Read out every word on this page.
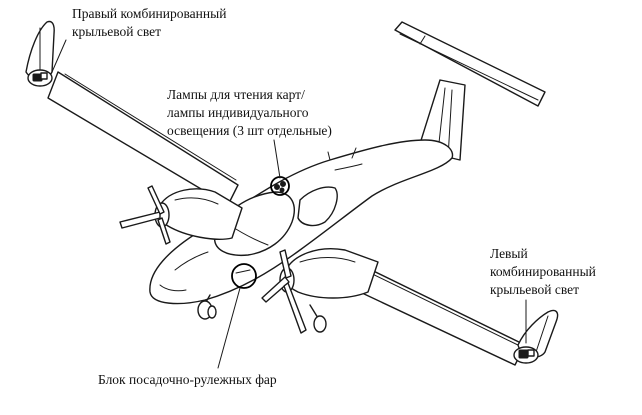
Правый комбинированный
крыльевой свет
Лампы для чтения карт/
лампы индивидуального
освещения (3 шт отдельные)
Левый
комбинированный
крыльевой свет
Блок посадочно-рулежных фар
